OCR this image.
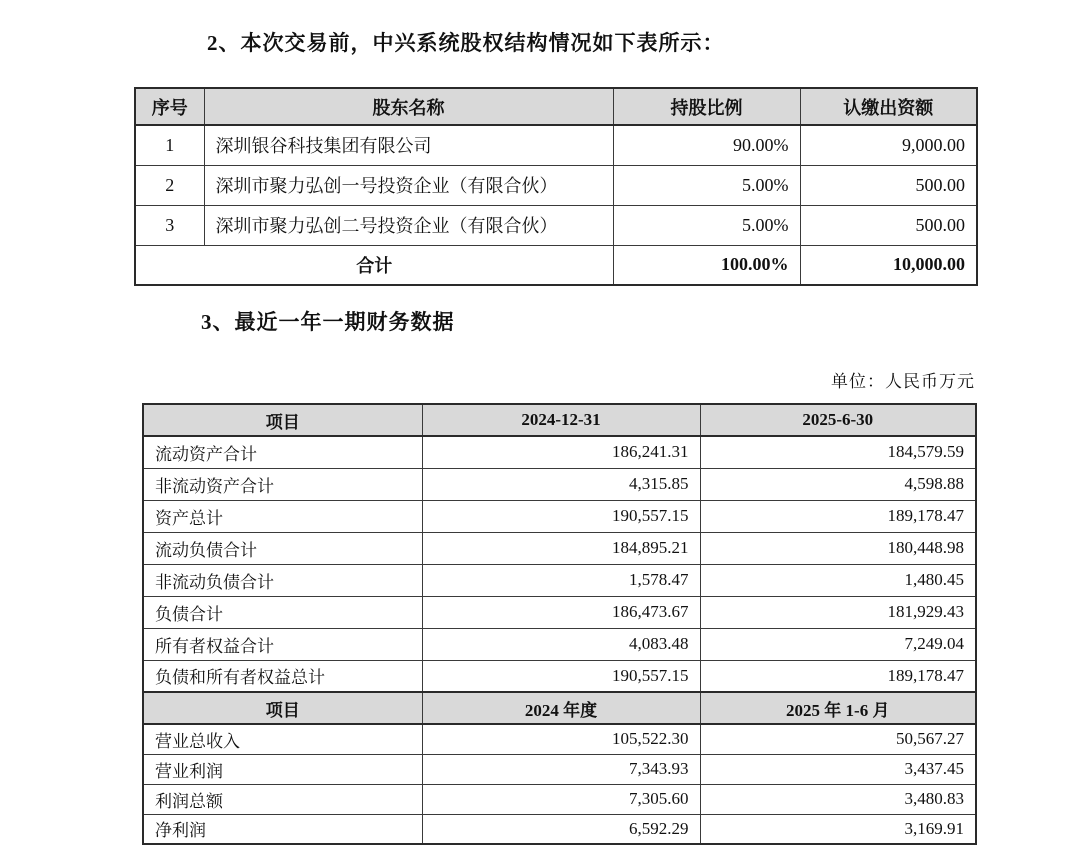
2、本次交易前，中兴系统股权结构情况如下表所示：
序号	股东名称	持股比例	认缴出资额
1	深圳银谷科技集团有限公司	90.00%	9,000.00
2	深圳市聚力弘创一号投资企业（有限合伙）	5.00%	500.00
3	深圳市聚力弘创二号投资企业（有限合伙）	5.00%	500.00
合计		100.00%	10,000.00
3、最近一年一期财务数据
单位：人民币万元
项目	2024-12-31	2025-6-30
流动资产合计	186,241.31	184,579.59
非流动资产合计	4,315.85	4,598.88
资产总计	190,557.15	189,178.47
流动负债合计	184,895.21	180,448.98
非流动负债合计	1,578.47	1,480.45
负债合计	186,473.67	181,929.43
所有者权益合计	4,083.48	7,249.04
负债和所有者权益总计	190,557.15	189,178.47
项目	2024 年度	2025 年 1-6 月
营业总收入	105,522.30	50,567.27
营业利润	7,343.93	3,437.45
利润总额	7,305.60	3,480.83
净利润	6,592.29	3,169.91
